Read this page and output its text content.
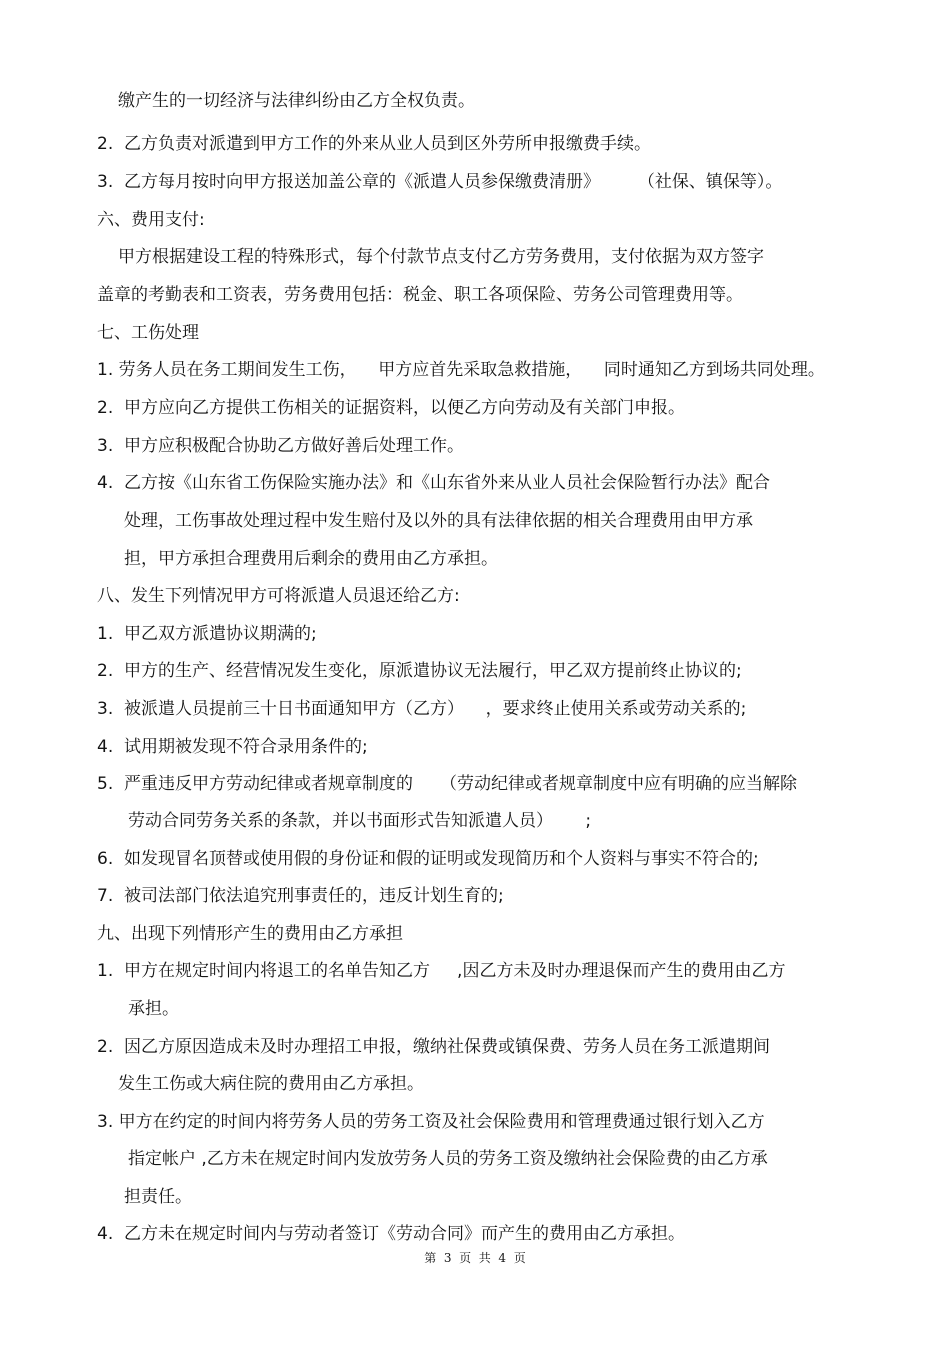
缴产生的一切经济与法律纠纷由乙方全权负责。

2.  乙方负责对派遣到甲方工作的外来从业人员到区外劳所申报缴费手续。

3.  乙方每月按时向甲方报送加盖公章的《派遣人员参保缴费清册》       （社保、镇保等）。

六、费用支付:

甲方根据建设工程的特殊形式，每个付款节点支付乙方劳务费用，支付依据为双方签字

盖章的考勤表和工资表，劳务费用包括：税金、职工各项保险、劳务公司管理费用等。

七、工伤处理

1. 劳务人员在务工期间发生工伤，    甲方应首先采取急救措施，    同时通知乙方到场共同处理。

2.  甲方应向乙方提供工伤相关的证据资料，以便乙方向劳动及有关部门申报。

3.  甲方应积极配合协助乙方做好善后处理工作。

4.  乙方按《山东省工伤保险实施办法》和《山东省外来从业人员社会保险暂行办法》配合

处理，工伤事故处理过程中发生赔付及以外的具有法律依据的相关合理费用由甲方承

担，甲方承担合理费用后剩余的费用由乙方承担。

八、发生下列情况甲方可将派遣人员退还给乙方:

1.  甲乙双方派遣协议期满的;

2.  甲方的生产、经营情况发生变化，原派遣协议无法履行，甲乙双方提前终止协议的;

3.  被派遣人员提前三十日书面通知甲方（乙方）    ，要求终止使用关系或劳动关系的;

4.  试用期被发现不符合录用条件的;

5.  严重违反甲方劳动纪律或者规章制度的     （劳动纪律或者规章制度中应有明确的应当解除

劳动合同劳务关系的条款，并以书面形式告知派遣人员）      ;

6.  如发现冒名顶替或使用假的身份证和假的证明或发现简历和个人资料与事实不符合的;

7.  被司法部门依法追究刑事责任的，违反计划生育的;

九、出现下列情形产生的费用由乙方承担

1.  甲方在规定时间内将退工的名单告知乙方     ,因乙方未及时办理退保而产生的费用由乙方

承担。

2.  因乙方原因造成未及时办理招工申报，缴纳社保费或镇保费、劳务人员在务工派遣期间

发生工伤或大病住院的费用由乙方承担。

3. 甲方在约定的时间内将劳务人员的劳务工资及社会保险费用和管理费通过银行划入乙方

指定帐户 ,乙方未在规定时间内发放劳务人员的劳务工资及缴纳社会保险费的由乙方承

担责任。

4.  乙方未在规定时间内与劳动者签订《劳动合同》而产生的费用由乙方承担。

第  3  页  共  4  页
